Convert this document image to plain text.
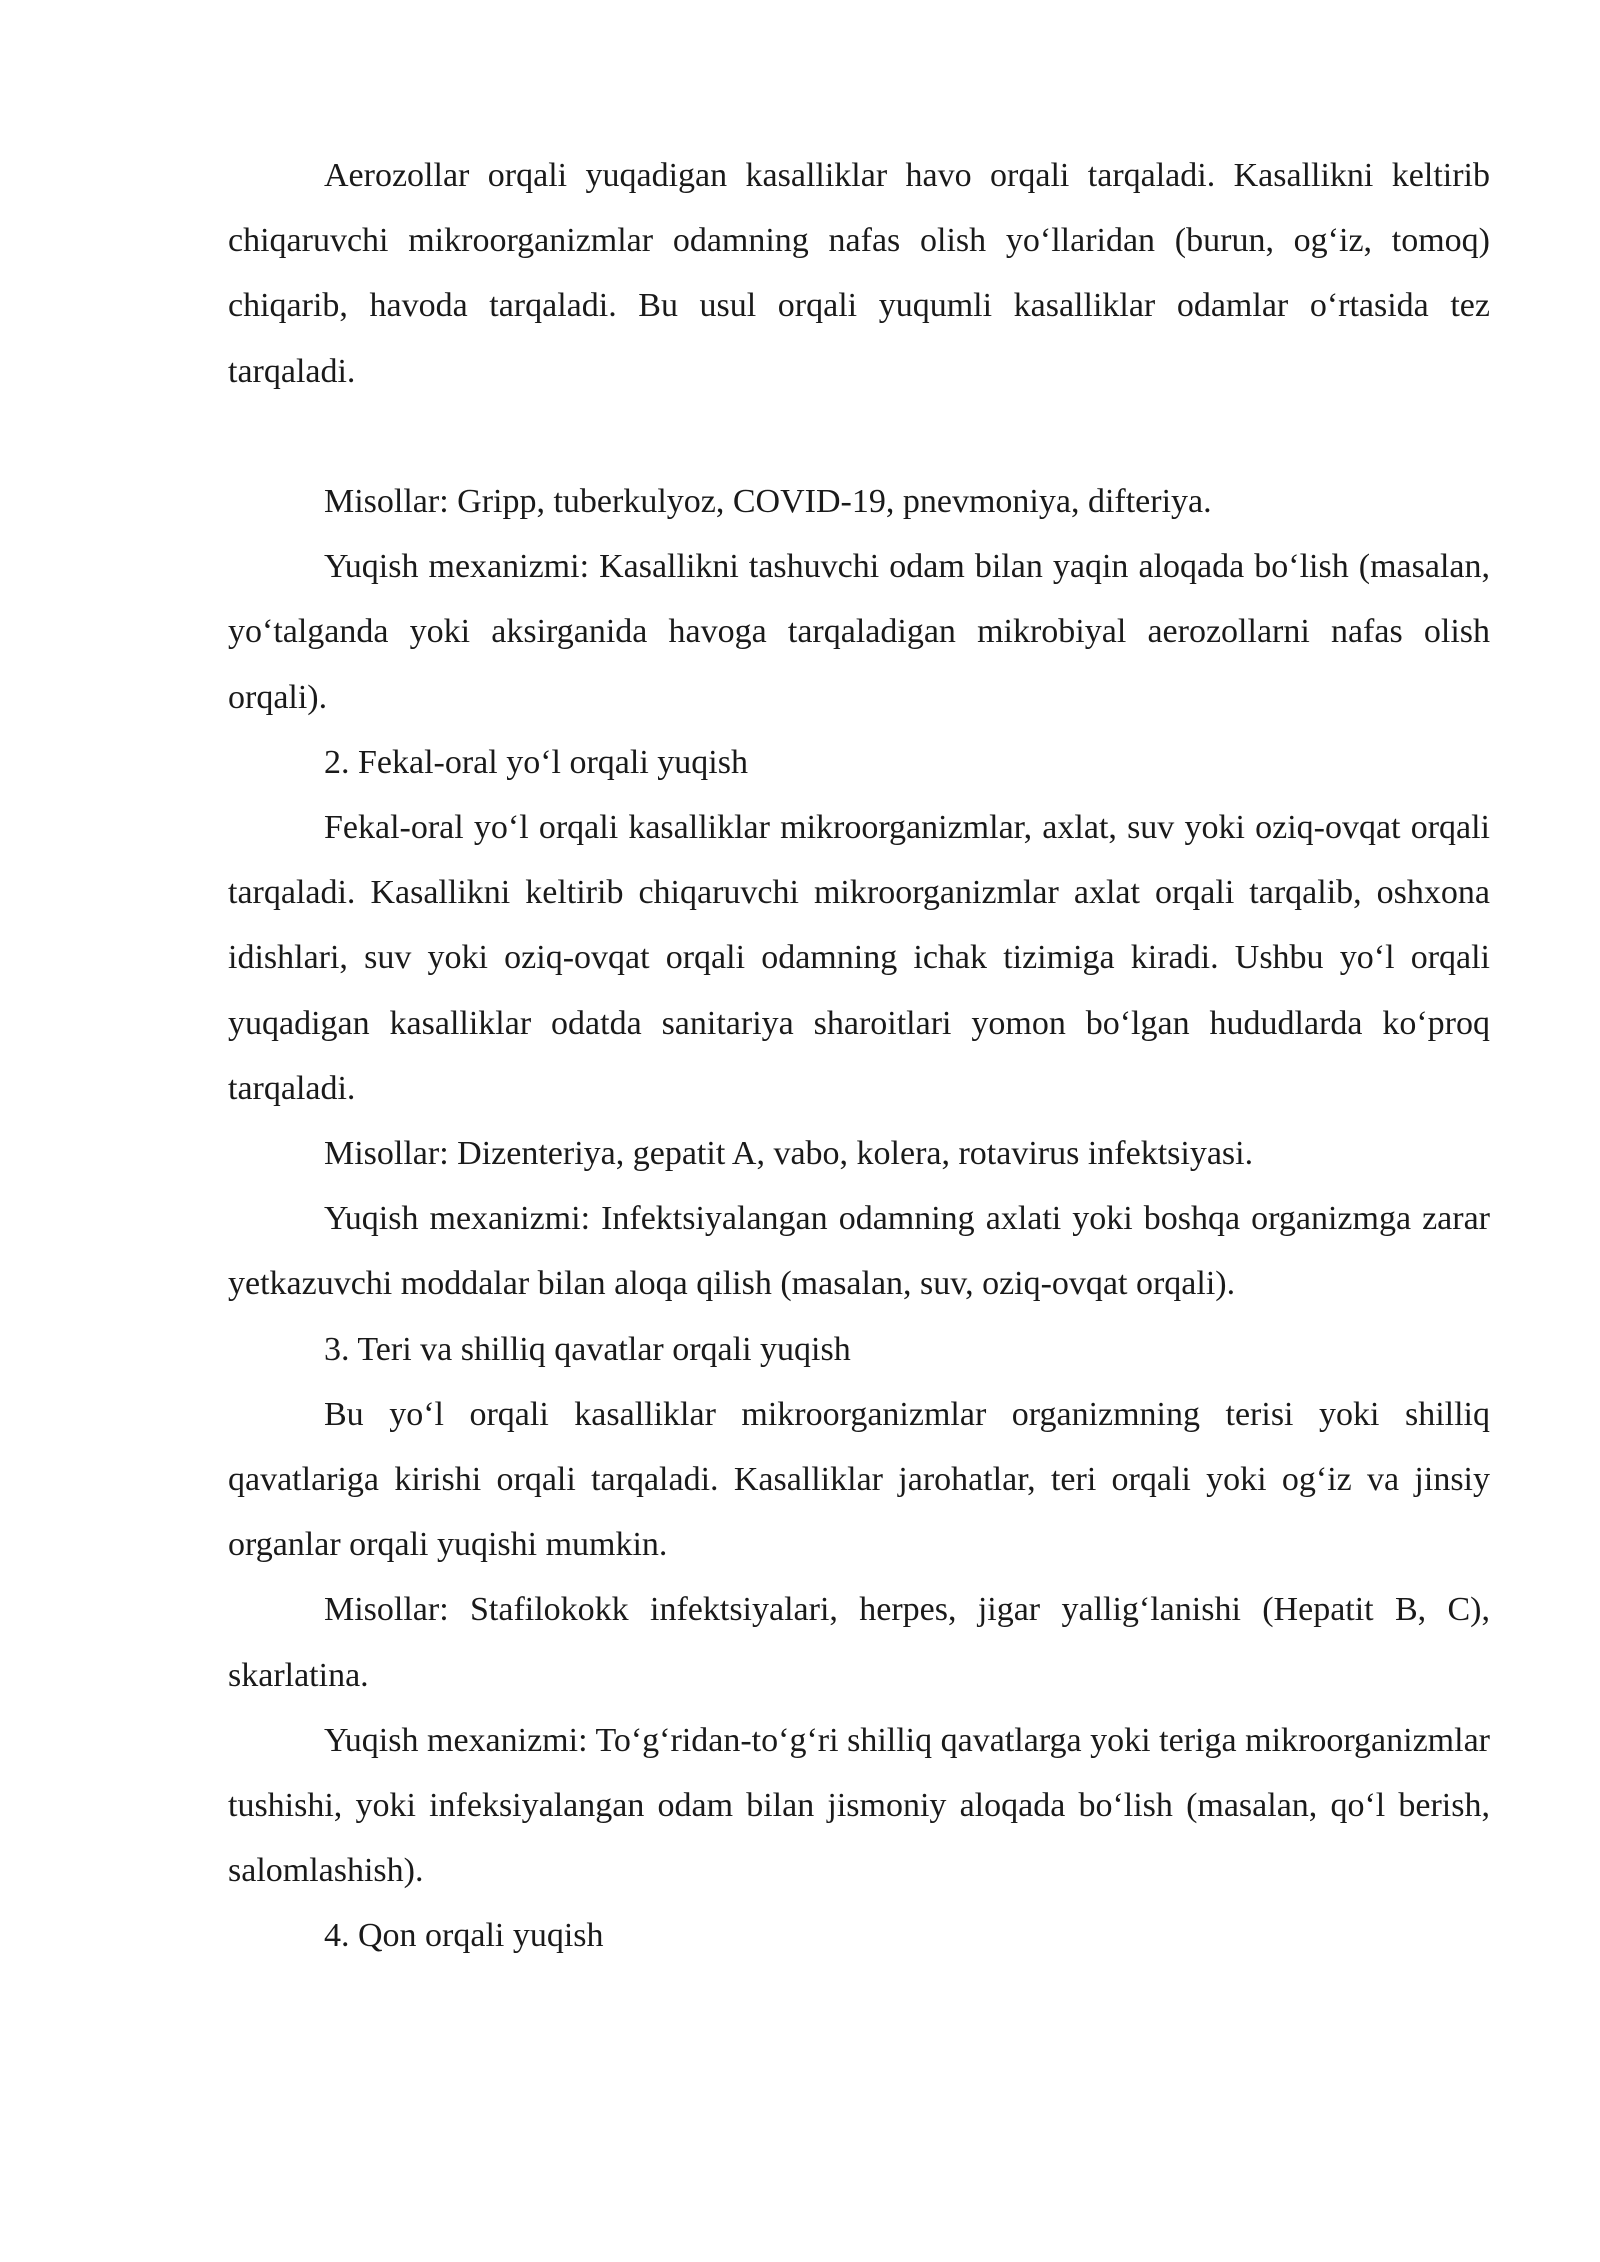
Aerozollar orqali yuqadigan kasalliklar havo orqali tarqaladi. Kasallikni keltirib chiqaruvchi mikroorganizmlar odamning nafas olish yo‘llaridan (burun, og‘iz, tomoq) chiqarib, havoda tarqaladi. Bu usul orqali yuqumli kasalliklar odamlar o‘rtasida tez tarqaladi.

Misollar: Gripp, tuberkulyoz, COVID-19, pnevmoniya, difteriya.

Yuqish mexanizmi: Kasallikni tashuvchi odam bilan yaqin aloqada bo‘lish (masalan, yo‘talganda yoki aksirganida havoga tarqaladigan mikrobiyal aerozollarni nafas olish orqali).

2. Fekal-oral yo‘l orqali yuqish

Fekal-oral yo‘l orqali kasalliklar mikroorganizmlar, axlat, suv yoki oziq-ovqat orqali tarqaladi. Kasallikni keltirib chiqaruvchi mikroorganizmlar axlat orqali tarqalib, oshxona idishlari, suv yoki oziq-ovqat orqali odamning ichak tizimiga kiradi. Ushbu yo‘l orqali yuqadigan kasalliklar odatda sanitariya sharoitlari yomon bo‘lgan hududlarda ko‘proq tarqaladi.

Misollar: Dizenteriya, gepatit A, vabo, kolera, rotavirus infektsiyasi.

Yuqish mexanizmi: Infektsiyalangan odamning axlati yoki boshqa organizmga zarar yetkazuvchi moddalar bilan aloqa qilish (masalan, suv, oziq-ovqat orqali).

3. Teri va shilliq qavatlar orqali yuqish

Bu yo‘l orqali kasalliklar mikroorganizmlar organizmning terisi yoki shilliq qavatlariga kirishi orqali tarqaladi. Kasalliklar jarohatlar, teri orqali yoki og‘iz va jinsiy organlar orqali yuqishi mumkin.

Misollar: Stafilokokk infektsiyalari, herpes, jigar yallig‘lanishi (Hepatit B, C), skarlatina.

Yuqish mexanizmi: To‘g‘ridan-to‘g‘ri shilliq qavatlarga yoki teriga mikroorganizmlar tushishi, yoki infeksiyalangan odam bilan jismoniy aloqada bo‘lish (masalan, qo‘l berish, salomlashish).

4. Qon orqali yuqish
